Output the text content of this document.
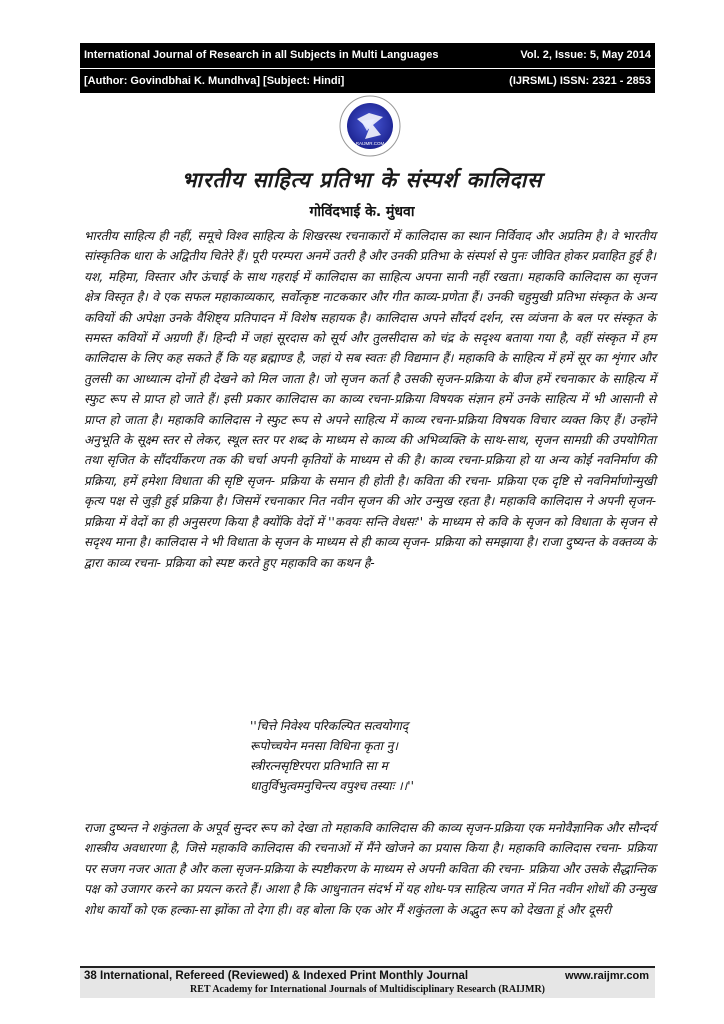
International Journal of Research in all Subjects in Multi Languages	Vol. 2, Issue: 5, May 2014
[Author: Govindbhai K. Mundhva] [Subject: Hindi]	(IJRSML) ISSN: 2321 - 2853
RAIJMR.COM
भारतीय साहित्य प्रतिभा के संस्पर्श कालिदास
गोविंदभाई के. मुंधवा

भारतीय साहित्य ही नहीं, समूचे विश्व साहित्य के शिखरस्थ रचनाकारों में कालिदास का स्थान निर्विवाद और अप्रतिम है। वे भारतीय सांस्कृतिक धारा के अद्वितीय चितेरे हैं। पूरी परम्परा अनमें उतरी है और उनकी प्रतिभा के संस्पर्श से पुनः जीवित होकर प्रवाहित हुई है। यश, महिमा, विस्तार और ऊंचाई के साथ गहराई में कालिदास का साहित्य अपना सानी नहीं रखता। महाकवि कालिदास का सृजन क्षेत्र विस्तृत है। वे एक सफल महाकाव्यकार, सर्वोत्कृष्ट नाटककार और गीत काव्य-प्रणेता हैं। उनकी चहुमुखी प्रतिभा संस्कृत के अन्य कवियों की अपेक्षा उनके वैशिष्ट्य प्रतिपादन में विशेष सहायक है। कालिदास अपने सौंदर्य दर्शन, रस व्यंजना के बल पर संस्कृत के समस्त कवियों में अग्रणी हैं। हिन्दी में जहां सूरदास को सूर्य और तुलसीदास को चंद्र के सदृश्य बताया गया है, वहीं संस्कृत में हम कालिदास के लिए कह सकते हैं कि यह ब्रह्माण्ड है, जहां ये सब स्वतः ही विद्यमान हैं। महाकवि के साहित्य में हमें सूर का शृंगार और तुलसी का आध्यात्म दोनों ही देखने को मिल जाता है। जो सृजन कर्ता है उसकी सृजन-प्रक्रिया के बीज हमें रचनाकार के साहित्य में स्फुट रूप से प्राप्त हो जाते हैं। इसी प्रकार कालिदास का काव्य रचना-प्रक्रिया विषयक संज्ञान हमें उनके साहित्य में भी आसानी से प्राप्त हो जाता है। महाकवि कालिदास ने स्फुट रूप से अपने साहित्य में काव्य रचना-प्रक्रिया विषयक विचार व्यक्त किए हैं। उन्होंने अनुभूति के सूक्ष्म स्तर से लेकर, स्थूल स्तर पर शब्द के माध्यम से काव्य की अभिव्यक्ति के साथ-साथ, सृजन सामग्री की उपयोगिता तथा सृजित के सौंदर्यीकरण तक की चर्चा अपनी कृतियों के माध्यम से की है। काव्य रचना-प्रक्रिया हो या अन्य कोई नवनिर्माण की प्रक्रिया, हमें हमेशा विधाता की सृष्टि सृजन- प्रक्रिया के समान ही होती है। कविता की रचना- प्रक्रिया एक दृष्टि से नवनिर्माणोन्मुखी कृत्य पक्ष से जुड़ी हुई प्रक्रिया है। जिसमें रचनाकार नित नवीन सृजन की ओर उन्मुख रहता है। महाकवि कालिदास ने अपनी सृजन- प्रक्रिया में वेदों का ही अनुसरण किया है क्योंकि वेदों में ''कवयः सन्ति वेधसः'' के माध्यम से कवि के सृजन को विधाता के सृजन से सदृश्य माना है। कालिदास ने भी विधाता के सृजन के माध्यम से ही काव्य सृजन- प्रक्रिया को समझाया है। राजा दुष्यन्त के वक्तव्य के द्वारा काव्य रचना- प्रक्रिया को स्पष्ट करते हुए महाकवि का कथन है-

''चित्ते निवेश्य परिकल्पित सत्वयोगाद्
रूपोच्चयेन मनसा विधिना कृता नु।
स्त्रीरत्नसृष्टिरपरा प्रतिभाति सा म
धातुर्विभुत्वमनुचिन्त्य वपुश्च तस्याः ।।''

राजा दुष्यन्त ने शकुंतला के अपूर्व सुन्दर रूप को देखा तो महाकवि कालिदास की काव्य सृजन-प्रक्रिया एक मनोवैज्ञानिक और सौन्दर्य शास्त्रीय अवधारणा है, जिसे महाकवि कालिदास की रचनाओं में मैंने खोजने का प्रयास किया है। महाकवि कालिदास रचना- प्रक्रिया पर सजग नजर आता है और कला सृजन-प्रक्रिया के स्पष्टीकरण के माध्यम से अपनी कविता की रचना- प्रक्रिया और उसके सैद्धान्तिक पक्ष को उजागर करने का प्रयत्न करते हैं। आशा है कि आधुनातन संदर्भ में यह शोध-पत्र साहित्य जगत में नित नवीन शोधों की उन्मुख शोध कार्यों को एक हल्का-सा झोंका तो देगा ही। वह बोला कि एक ओर मैं शकुंतला के अद्भुत रूप को देखता हूं और दूसरी

38 International, Refereed (Reviewed) & Indexed Print Monthly Journal	www.raijmr.com
RET Academy for International Journals of Multidisciplinary Research (RAIJMR)
